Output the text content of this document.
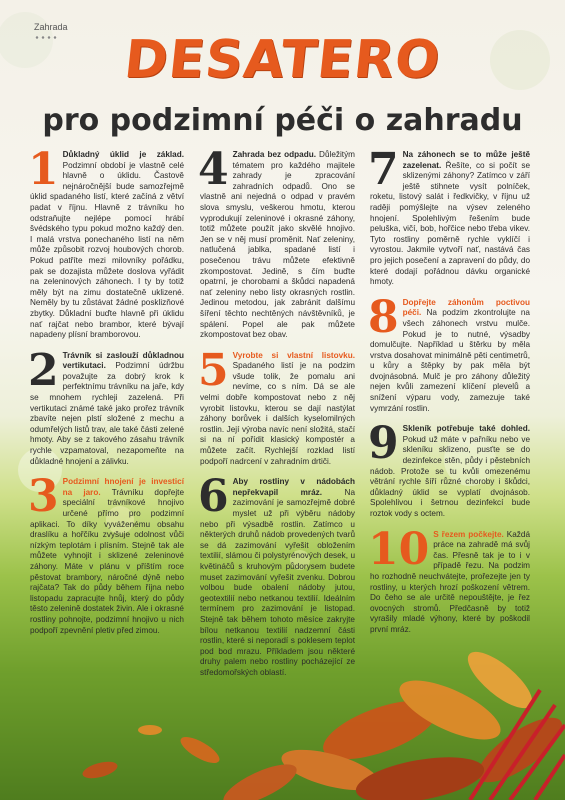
Zahrada
DESATERO
pro podzimní péči o zahradu
1 Důkladný úklid je základ. Podzimní období je vlastně celé hlavně o úklidu. Častově nejnáročnější bude samozřejmě úklid spadaného listí, které začíná z větví padat v říjnu. Hlavně z trávníku ho odstraňujte nejlépe pomocí hrábí švédského typu pokud možno každý den. I malá vrstva ponechaného listí na něm může způsobit rozvoj houbových chorob. Pokud patříte mezi milovníky pořádku, pak se dozajista můžete doslova vyřádit na zeleninových záhonech. I ty by totiž měly být na zimu dostatečně uklizené. Neměly by tu zůstávat žádné posklizňové zbytky. Důkladní buďte hlavně při úklidu nať rajčat nebo brambor, které bývají napadeny plísní bramborovou.
2 Trávník si zaslouží důkladnou vertikutaci. Podzimní údržbu považujte za dobrý krok k perfektnímu trávníku na jaře, kdy se mnohem rychleji zazelená. Při vertikutaci známé také jako prořez trávník zbavíte nejen plstí složené z mechu a odumřelých listů trav, ale také části zelené hmoty. Aby se z takového zásahu trávník rychle vzpamatoval, nezapomeňte na důkladné hnojení a zálivku.
3 Podzimní hnojení je investicí na jaro. Trávníku dopřejte speciální trávníkové hnojivo určené přímo pro podzimní aplikaci. To díky vyváženému obsahu draslíku a hořčíku zvyšuje odolnost vůči nízkým teplotám i plísním. Stejně tak ale můžete vyhnojit i sklizené zeleninové záhony. Máte v plánu v příštím roce pěstovat brambory, náročné dýně nebo rajčata? Tak do půdy během října nebo listopadu zapracujte hnůj, který do půdy těsto zelenině dostatek živin. Ale i okrasné rostliny pohnojte, podzimní hnojivo u nich podpoří zpevnění pletiv před zimou.
4 Zahrada bez odpadu. Důležitým tématem pro každého majitele zahrady je zpracování zahradních odpadů. Ono se vlastně ani nejedná o odpad v pravém slova smyslu, veškerou hmotu, kterou vyprodukují zeleninové i okrasné záhony, totiž můžete použít jako skvělé hnojivo. Jen se v něj musí proměnit. Nať zeleniny, natlučená jablka, spadané listí i posečenou trávu můžete efektivně zkompostovat. Jedině, s čím buďte opatrní, je chorobami a škůdci napadená nať zeleniny nebo listy okrasných rostlin. Jedinou metodou, jak zabránit dalšímu šíření těchto nechtěných návštěvníků, je spálení. Popel ale pak můžete zkompostovat bez obav.
5 Vyrobte si vlastní listovku. Spadaného listí je na podzim všude tolik, že pomalu ani nevíme, co s ním. Dá se ale velmi dobře kompostovat nebo z něj vyrobit listovku, kterou se dají nastýlat záhony borůvek i dalších kyselomilných rostlin. Její výroba navíc není složitá, stačí si na ní pořídit klasický kompostér a můžete začít. Rychlejší rozklad listí podpoří nadrcení v zahradním drtiči.
6 Aby rostliny v nádobách nepřekvapil mráz.	Na zazimování je samozřejmě dobré myslet už při výběru nádoby nebo při výsadbě rostlin. Zatímco u některých druhů nádob provedených tvarů se dá zazimování vyřešit obložením textilií, slámou či polystyrénových desek, u květináčů s kruhovým půdorysem budete muset zazimování vyřešit zvenku. Dobrou volbou bude obalení nádoby jutou, geotextilií nebo netkanou textilií. Ideálním termínem pro zazimování je listopad. Stejně tak během tohoto měsíce zakryjte bílou netkanou textilií nadzemní části rostlin, které si neporadí s poklesem teplot pod bod mrazu. Příkladem jsou některé druhy palem nebo rostliny pocházející ze středomořských oblastí.
7 Na záhonech se to může ještě zazelenat. Řešíte, co si počít se sklizenými záhony? Zatímco v září ještě stihnete vysít polníček, roketu, listový salát i ředkvičky, v říjnu už raději pomýšlejte na výsev zeleného hnojení. Spolehlivým řešením bude peluška, vičí, bob, hořčice nebo třeba vikev. Tyto rostliny poměrně rychle vyklíčí i vyrostou. Jakmile vytvoří nať, nastává čas pro jejich posečení a zapravení do půdy, do které dodají pořádnou dávku organické hmoty.
8 Dopřejte záhonům poctivou péči. Na podzim zkontrolujte na všech záhonech vrstvu mulče. Pokud je to nutné, výsadby domulčujte. Například u štěrku by měla vrstva dosahovat minimálně pěti centimetrů, u kůry a štěpky by pak měla být dvojnásobná. Mulč je pro záhony důležitý nejen kvůli zamezení klíčení plevelů a snížení výparu vody, zamezuje také vymrzání rostlin.
9 Skleník potřebuje také dohled. Pokud už máte v pařníku nebo ve skleníku sklizeno, pusťte se do dezinfekce stěn, půdy i pěstebních nádob. Protože se tu kvůli omezenému větrání rychle šíří různé choroby i škůdci, důkladný úklid se vyplatí dvojnásob. Spolehlivou i šetrnou dezinfekcí bude roztok vody s octem.
10 S řezem počkejte. Každá práce na zahradě má svůj čas. Přesně tak je to i v případě řezu. Na podzim ho rozhodně neuchvátejte, prořezejte jen ty rostliny, u kterých hrozí poškození větrem. Do čeho se ale určitě nepouštějte, je řez ovocných stromů. Předčasně by totiž vyrašily mladé výhony, které by poškodil první mráz.
